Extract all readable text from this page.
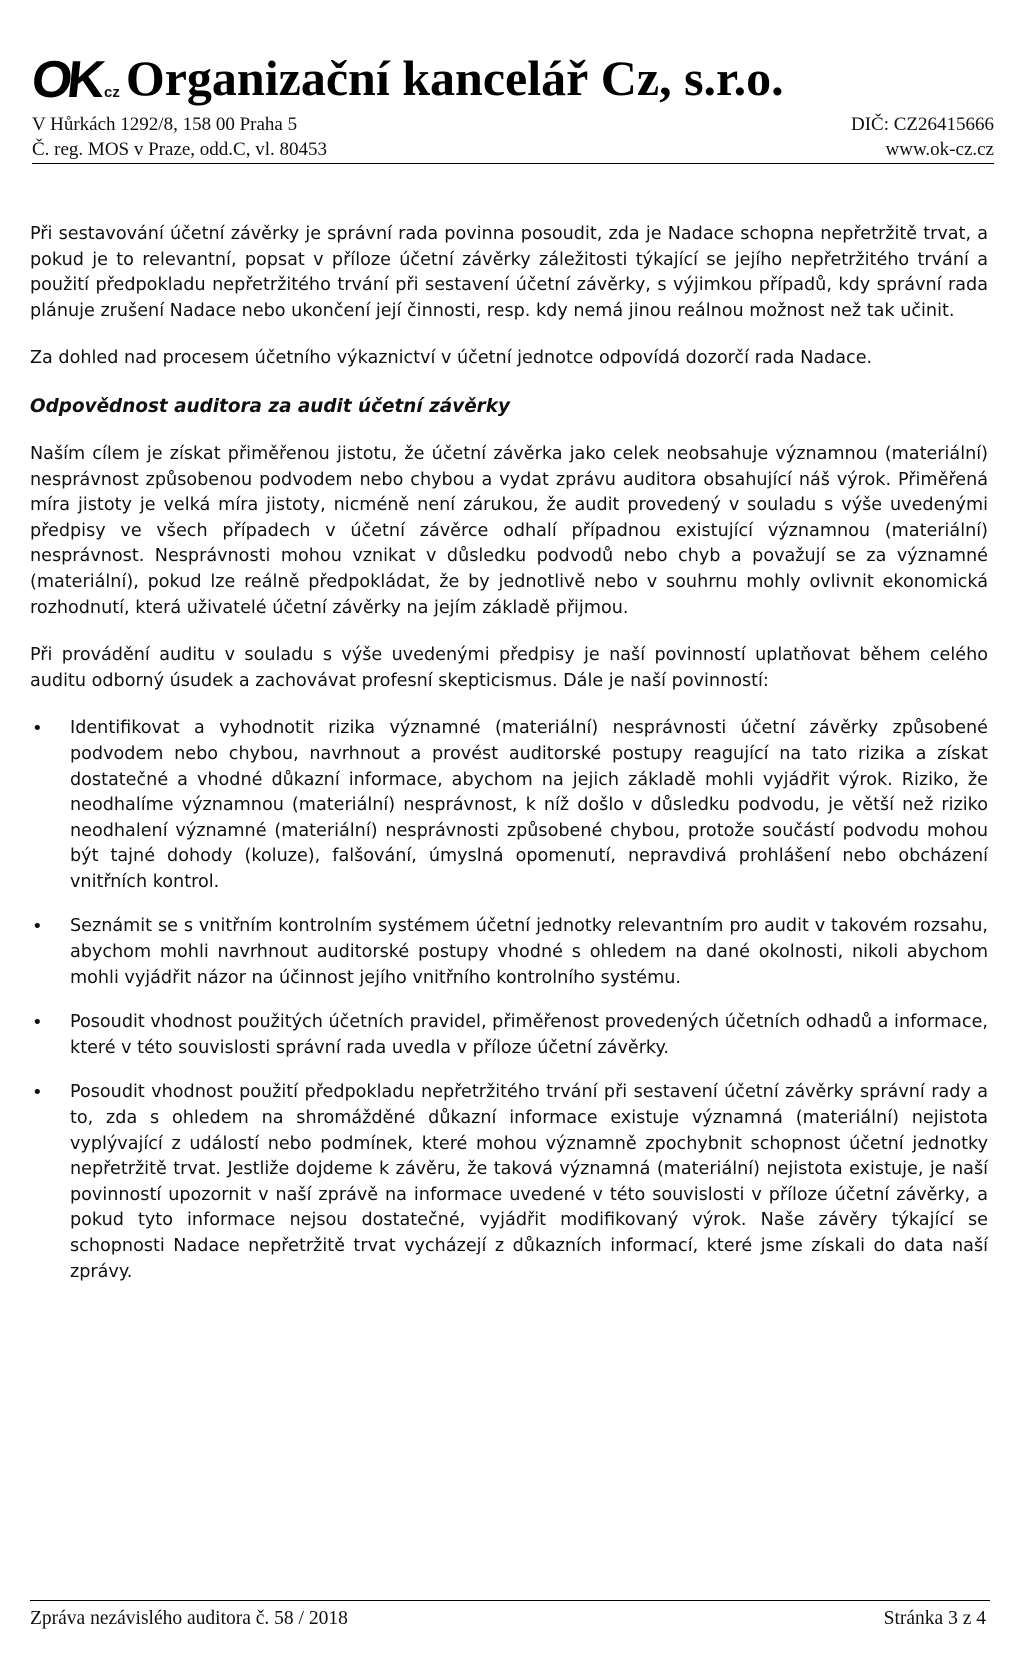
OK cz Organizační kancelář Cz, s.r.o.
V Hůrkách 1292/8, 158 00 Praha 5	DIČ: CZ26415666
Č. reg. MOS v Praze, odd.C, vl. 80453	www.ok-cz.cz

Při sestavování účetní závěrky je správní rada povinna posoudit, zda je Nadace schopna nepřetržitě trvat, a pokud je to relevantní, popsat v příloze účetní závěrky záležitosti týkající se jejího nepřetržitého trvání a použití předpokladu nepřetržitého trvání při sestavení účetní závěrky, s výjimkou případů, kdy správní rada plánuje zrušení Nadace nebo ukončení její činnosti, resp. kdy nemá jinou reálnou možnost než tak učinit.

Za dohled nad procesem účetního výkaznictví v účetní jednotce odpovídá dozorčí rada Nadace.

Odpovědnost auditora za audit účetní závěrky

Naším cílem je získat přiměřenou jistotu, že účetní závěrka jako celek neobsahuje významnou (materiální) nesprávnost způsobenou podvodem nebo chybou a vydat zprávu auditora obsahující náš výrok. Přiměřená míra jistoty je velká míra jistoty, nicméně není zárukou, že audit provedený v souladu s výše uvedenými předpisy ve všech případech v účetní závěrce odhalí případnou existující významnou (materiální) nesprávnost. Nesprávnosti mohou vznikat v důsledku podvodů nebo chyb a považují se za významné (materiální), pokud lze reálně předpokládat, že by jednotlivě nebo v souhrnu mohly ovlivnit ekonomická rozhodnutí, která uživatelé účetní závěrky na jejím základě přijmou.

Při provádění auditu v souladu s výše uvedenými předpisy je naší povinností uplatňovat během celého auditu odborný úsudek a zachovávat profesní skepticismus. Dále je naší povinností:

• Identifikovat a vyhodnotit rizika významné (materiální) nesprávnosti účetní závěrky způsobené podvodem nebo chybou, navrhnout a provést auditorské postupy reagující na tato rizika a získat dostatečné a vhodné důkazní informace, abychom na jejich základě mohli vyjádřit výrok. Riziko, že neodhalíme významnou (materiální) nesprávnost, k níž došlo v důsledku podvodu, je větší než riziko neodhalení významné (materiální) nesprávnosti způsobené chybou, protože součástí podvodu mohou být tajné dohody (koluze), falšování, úmyslná opomenutí, nepravdivá prohlášení nebo obcházení vnitřních kontrol.
• Seznámit se s vnitřním kontrolním systémem účetní jednotky relevantním pro audit v takovém rozsahu, abychom mohli navrhnout auditorské postupy vhodné s ohledem na dané okolnosti, nikoli abychom mohli vyjádřit názor na účinnost jejího vnitřního kontrolního systému.
• Posoudit vhodnost použitých účetních pravidel, přiměřenost provedených účetních odhadů a informace, které v této souvislosti správní rada uvedla v příloze účetní závěrky.
• Posoudit vhodnost použití předpokladu nepřetržitého trvání při sestavení účetní závěrky správní rady a to, zda s ohledem na shromážděné důkazní informace existuje významná (materiální) nejistota vyplývající z událostí nebo podmínek, které mohou významně zpochybnit schopnost účetní jednotky nepřetržitě trvat. Jestliže dojdeme k závěru, že taková významná (materiální) nejistota existuje, je naší povinností upozornit v naší zprávě na informace uvedené v této souvislosti v příloze účetní závěrky, a pokud tyto informace nejsou dostatečné, vyjádřit modifikovaný výrok. Naše závěry týkající se schopnosti Nadace nepřetržitě trvat vycházejí z důkazních informací, které jsme získali do data naší zprávy.
Zpráva nezávislého auditora č. 58 / 2018	Stránka 3 z 4
